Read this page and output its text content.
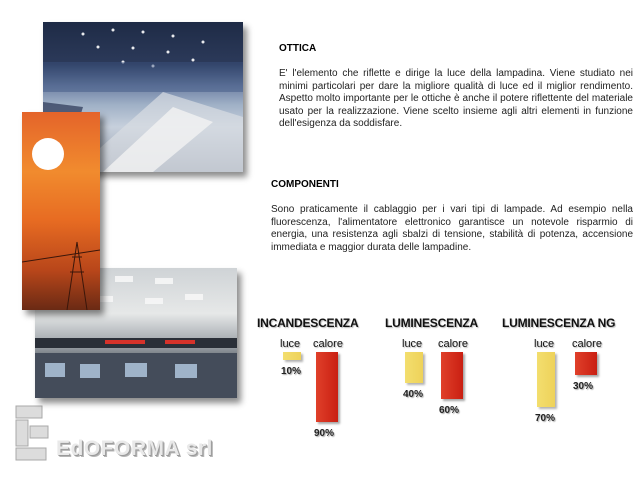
OTTICA
E' l'elemento che riflette e dirige la luce della lampadina. Viene studiato nei minimi particolari per dare la migliore qualità di luce ed il miglior rendimento. Aspetto molto importante per le ottiche è anche il potere riflettente del materiale usato per la realizzazione. Viene scelto insieme agli altri elementi in funzione dell'esigenza da soddisfare.
COMPONENTI
Sono praticamente il cablaggio per i vari tipi di lampade. Ad esempio nella fluorescenza, l'alimentatore elettronico garantisce un notevole risparmio di energia, una resistenza agli sbalzi di tensione, stabilità di potenza, accensione immediata e maggior durata delle lampadine.
INCANDESCENZA
luce
10%
calore
90%
LUMINESCENZA
luce
40%
calore
60%
LUMINESCENZA NG
luce
70%
calore
30%
EdOFORMA srl
